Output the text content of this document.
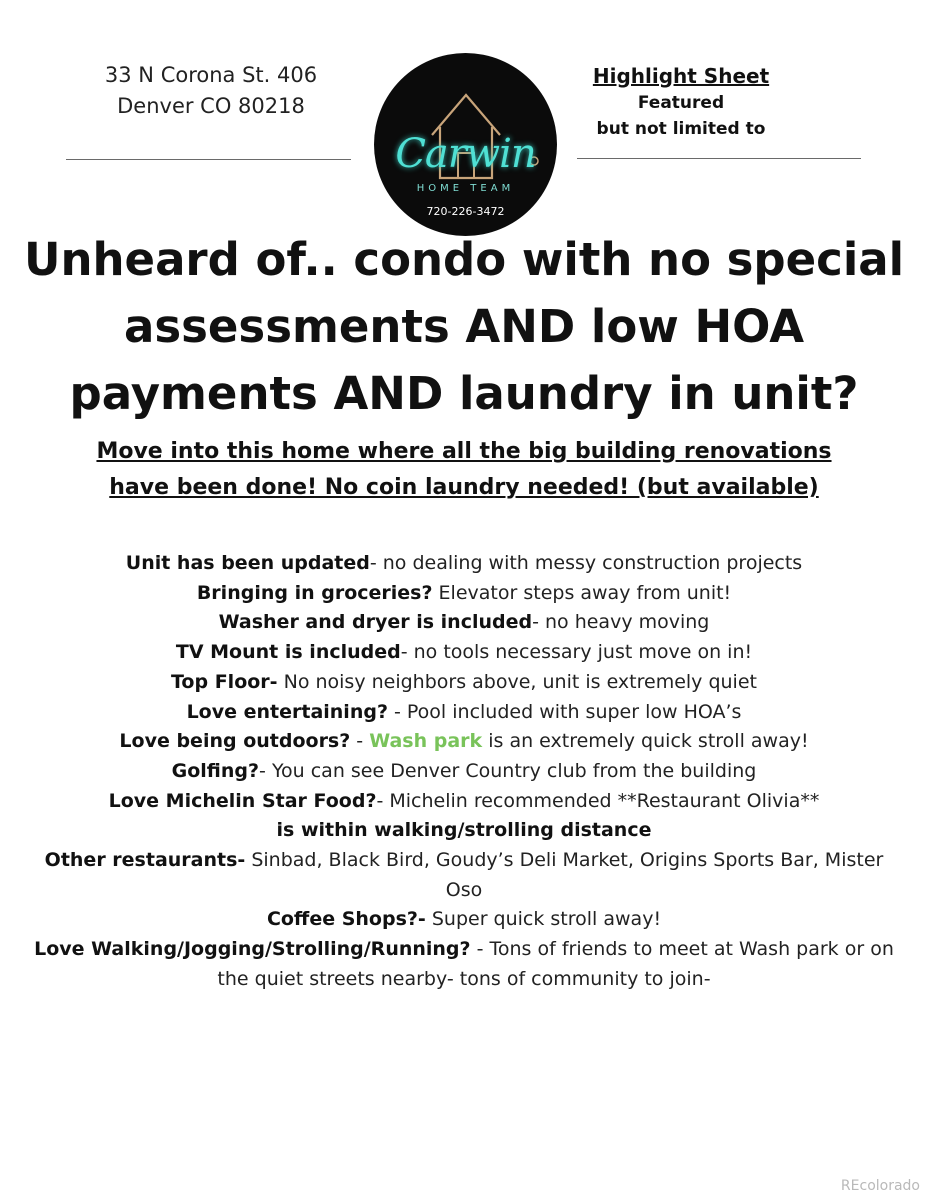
33 N Corona St. 406
Denver CO 80218
Carwin
HOME TEAM
720-226-3472
Highlight Sheet
Featured
but not limited to
Unheard of.. condo with no special
assessments AND low HOA
payments AND laundry in unit?
Move into this home where all the big building renovations
have been done! No coin laundry needed! (but available)

Unit has been updated- no dealing with messy construction projects

Bringing in groceries? Elevator steps away from unit!

Washer and dryer is included- no heavy moving

TV Mount is included- no tools necessary just move on in!

Top Floor- No noisy neighbors above, unit is extremely quiet

Love entertaining? - Pool included with super low HOA’s

Love being outdoors? - Wash park is an extremely quick stroll away!

Golfing?- You can see Denver Country club from the building

Love Michelin Star Food?- Michelin recommended **Restaurant Olivia**

is within walking/strolling distance

Other restaurants- Sinbad, Black Bird, Goudy’s Deli Market, Origins Sports Bar, Mister

Oso

Coffee Shops?- Super quick stroll away!

Love Walking/Jogging/Strolling/Running? - Tons of friends to meet at Wash park or on

the quiet streets nearby- tons of community to join-

REcolorado
